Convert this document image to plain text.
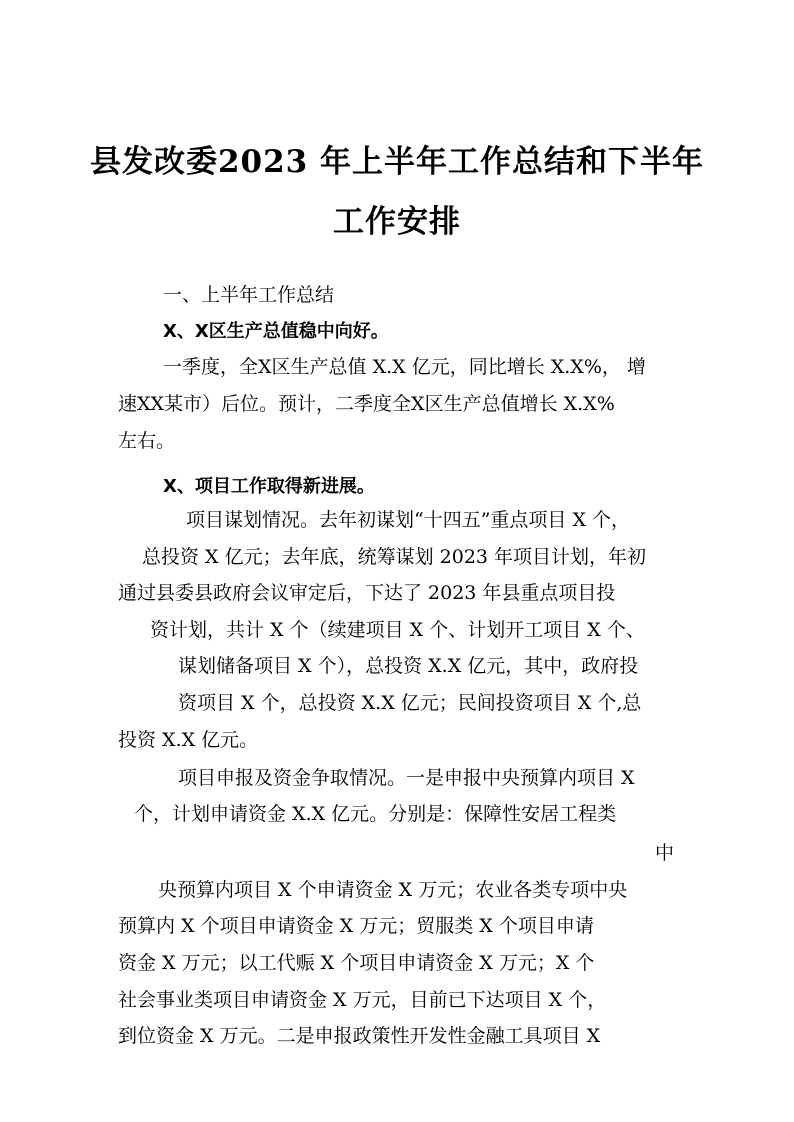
县发改委2023 年上半年工作总结和下半年
工作安排
一、上半年工作总结
X、X区生产总值稳中向好。
一季度，全X区生产总值 X.X 亿元，同比增长 X.X%， 增
速XX某市）后位。预计，二季度全X区生产总值增长 X.X%
左右。
X、项目工作取得新进展。
项目谋划情况。去年初谋划“十四五”重点项目 X 个，
总投资 X 亿元；去年底，统筹谋划 2023 年项目计划，年初
通过县委县政府会议审定后，下达了 2023 年县重点项目投
资计划，共计 X 个（续建项目 X 个、计划开工项目 X 个、
谋划储备项目 X 个），总投资 X.X 亿元，其中，政府投
资项目 X 个，总投资 X.X 亿元；民间投资项目 X 个,总
投资 X.X 亿元。
项目申报及资金争取情况。一是申报中央预算内项目 X
个，计划申请资金 X.X 亿元。分别是：保障性安居工程类
中
央预算内项目 X 个申请资金 X 万元；农业各类专项中央
预算内 X 个项目申请资金 X 万元；贸服类 X 个项目申请
资金 X 万元；以工代赈 X 个项目申请资金 X 万元；X 个
社会事业类项目申请资金 X 万元，目前已下达项目 X 个，
到位资金 X 万元。二是申报政策性开发性金融工具项目 X
